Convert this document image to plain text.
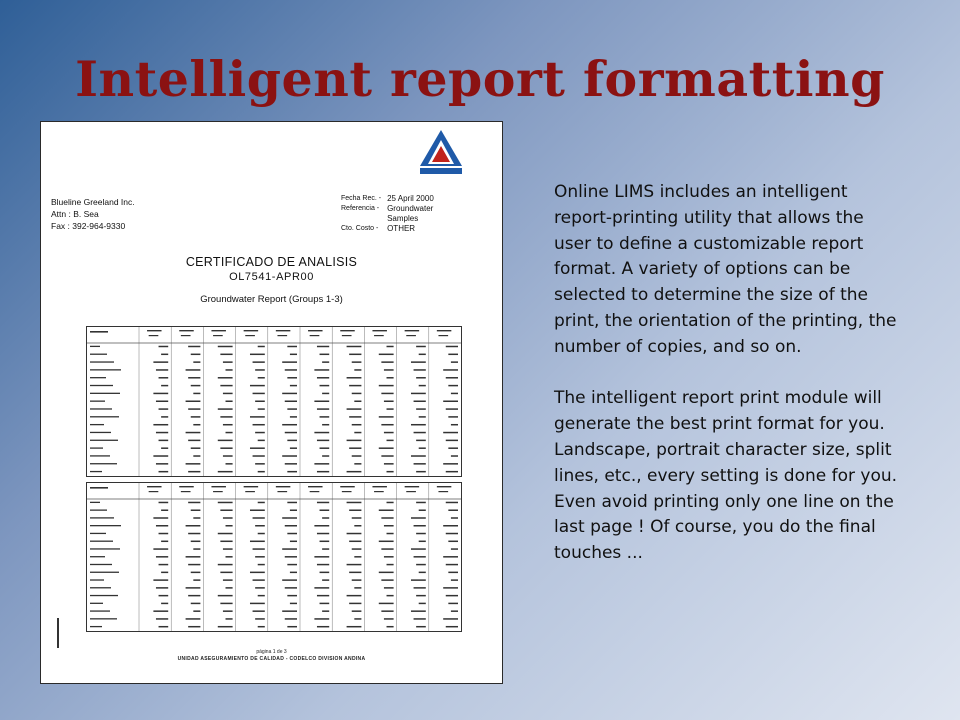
Intelligent report formatting
Blueline Greeland Inc.
Attn : B. Sea
Fax : 392-964-9330
Fecha Rec. -	25 April 2000
Referencia -	Groundwater Samples
Cto. Costo -	OTHER
CERTIFICADO DE ANALISIS
OL7541-APR00
Groundwater Report (Groups 1-3)
página 1 de 3
UNIDAD ASEGURAMIENTO DE CALIDAD - CODELCO DIVISION ANDINA

Online LIMS includes an intelligent report-printing utility that allows the user to define a customizable report format. A variety of options can be selected to determine the size of the print, the orientation of the printing, the number of copies, and so on.

The intelligent report print module will generate the best print format for you. Landscape, portrait character size, split lines, etc., every setting is done for you. Even avoid printing only one line on the last page ! Of course, you do the final touches ...
